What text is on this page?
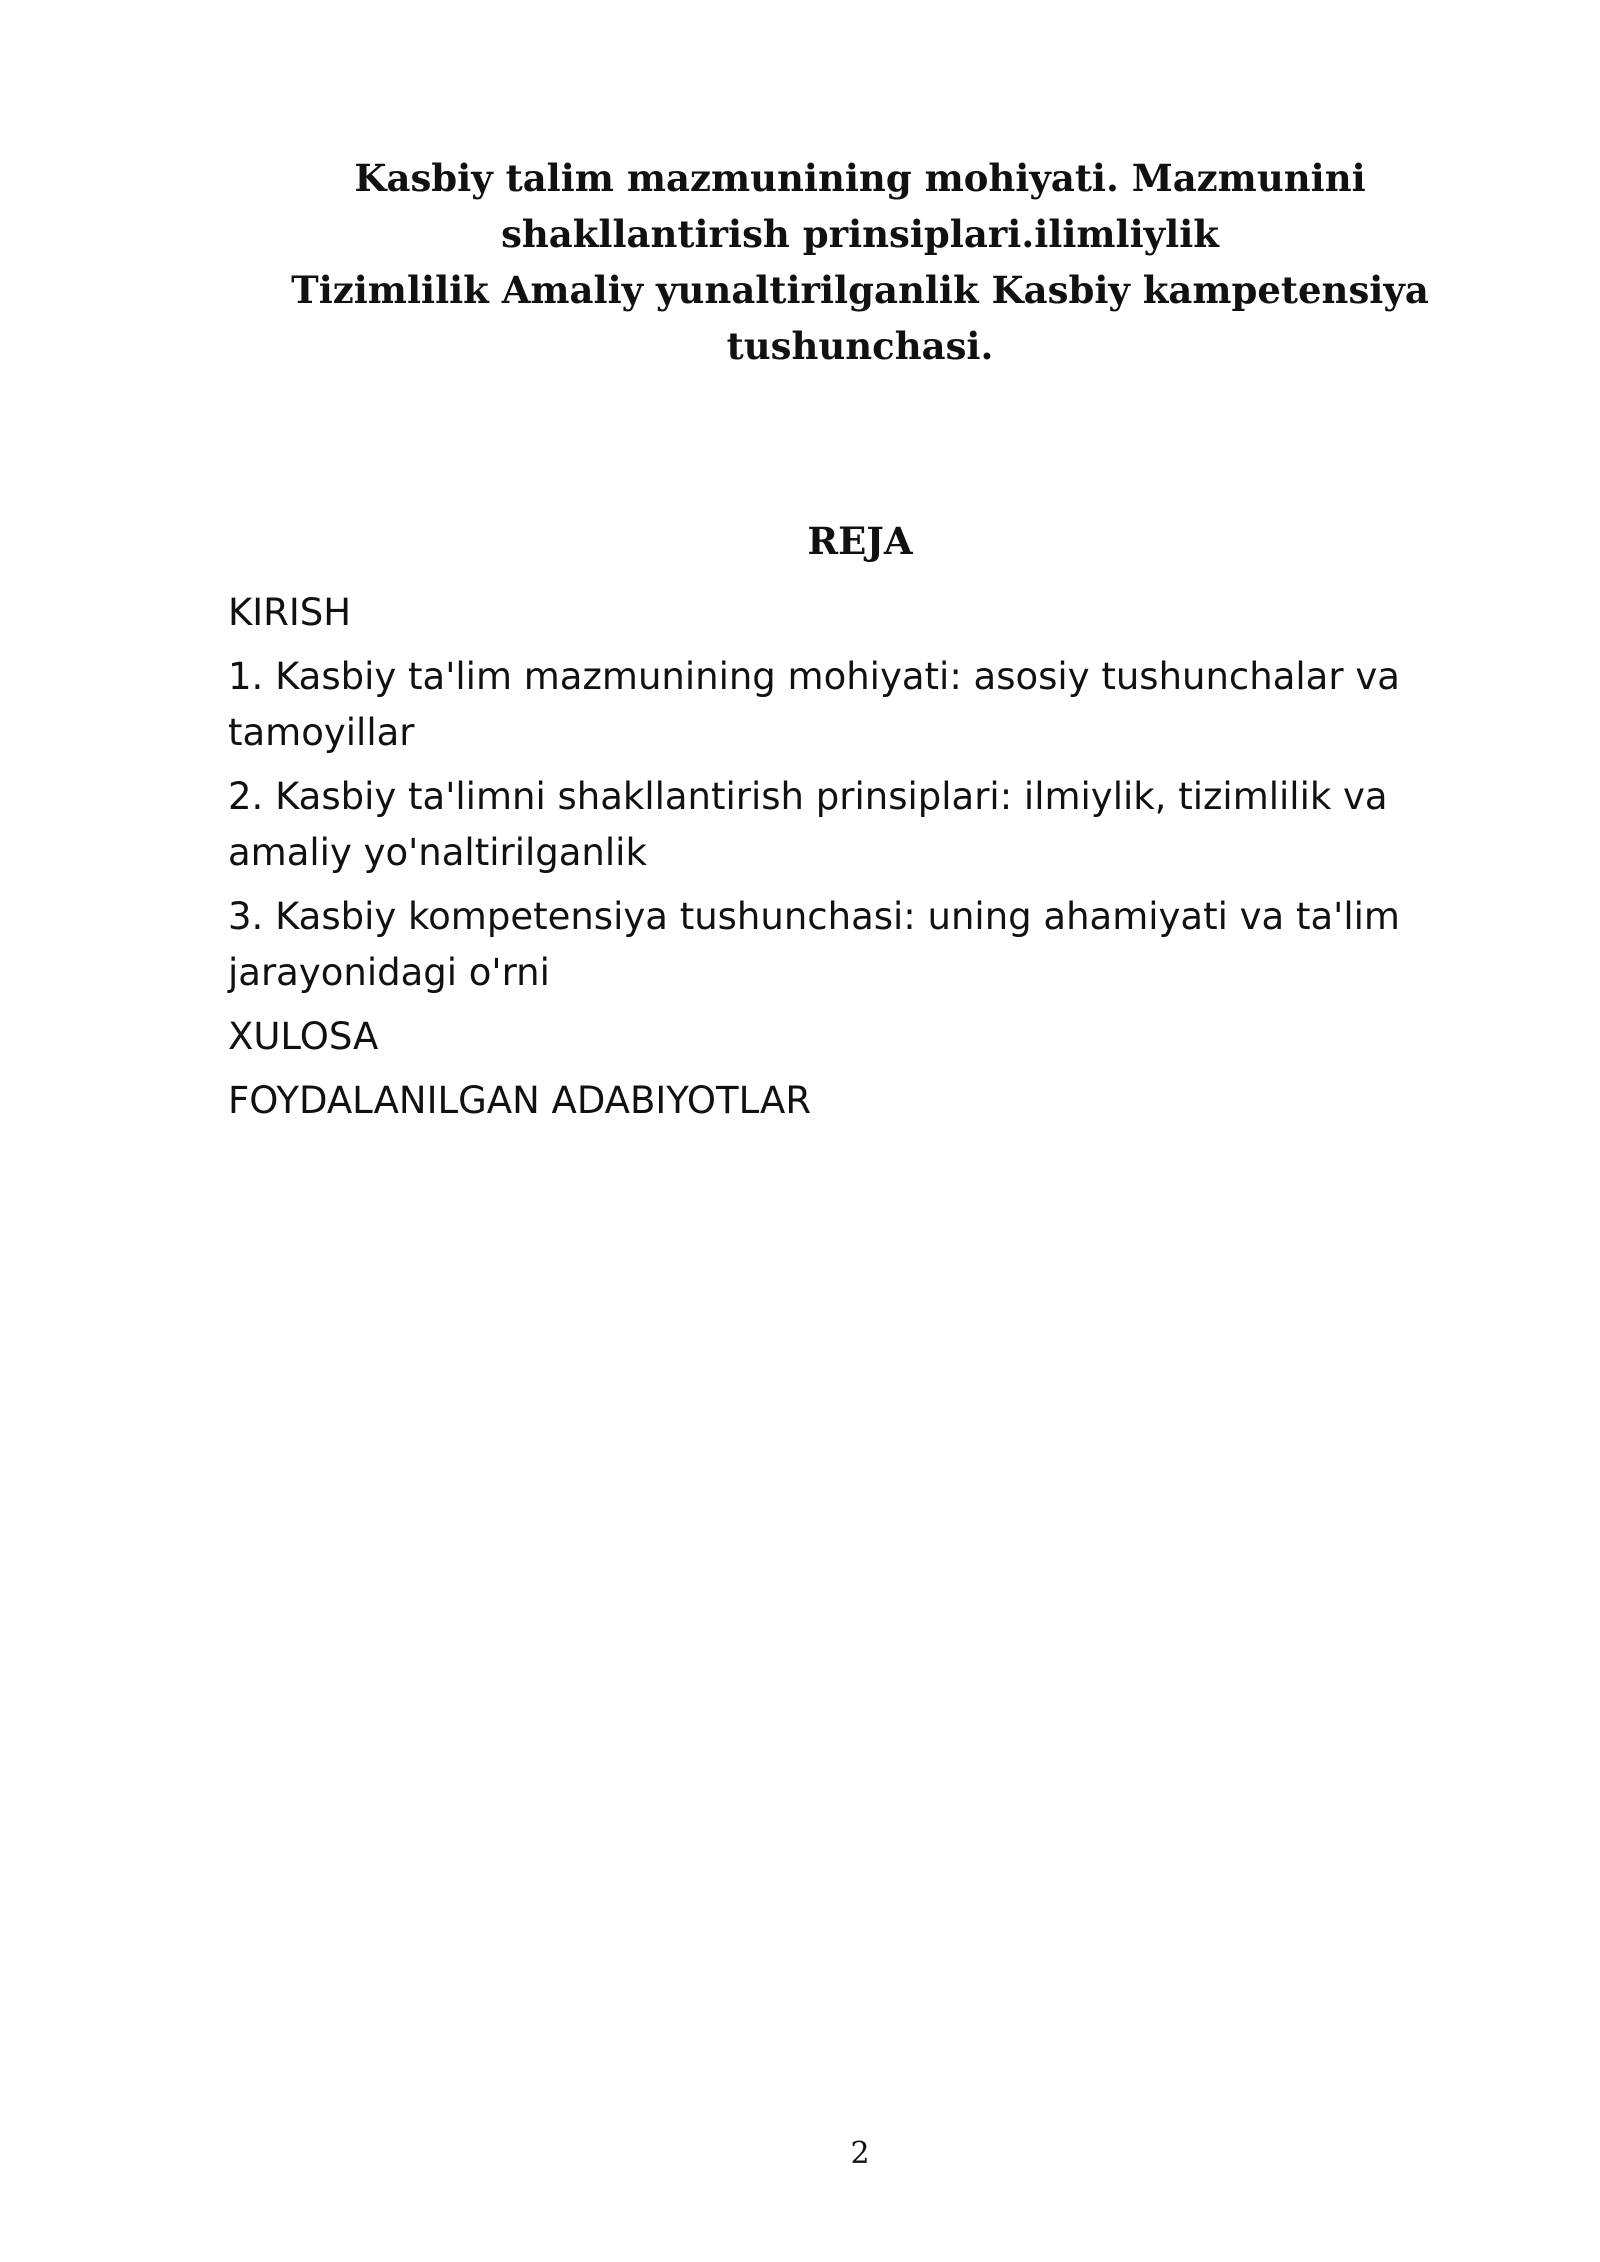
Kasbiy talim mazmunining mohiyati. Mazmunini
shakllantirish prinsiplari.ilimliylik
Tizimlilik Amaliy yunaltirilganlik Kasbiy kampetensiya
tushunchasi.
REJA
KIRISH
1. Kasbiy ta'lim mazmunining mohiyati: asosiy tushunchalar va tamoyillar
2. Kasbiy ta'limni shakllantirish prinsiplari: ilmiylik, tizimlilik va amaliy yo'naltirilganlik
3. Kasbiy kompetensiya tushunchasi: uning ahamiyati va ta'lim jarayonidagi o'rni
XULOSA
FOYDALANILGAN ADABIYOTLAR
2
